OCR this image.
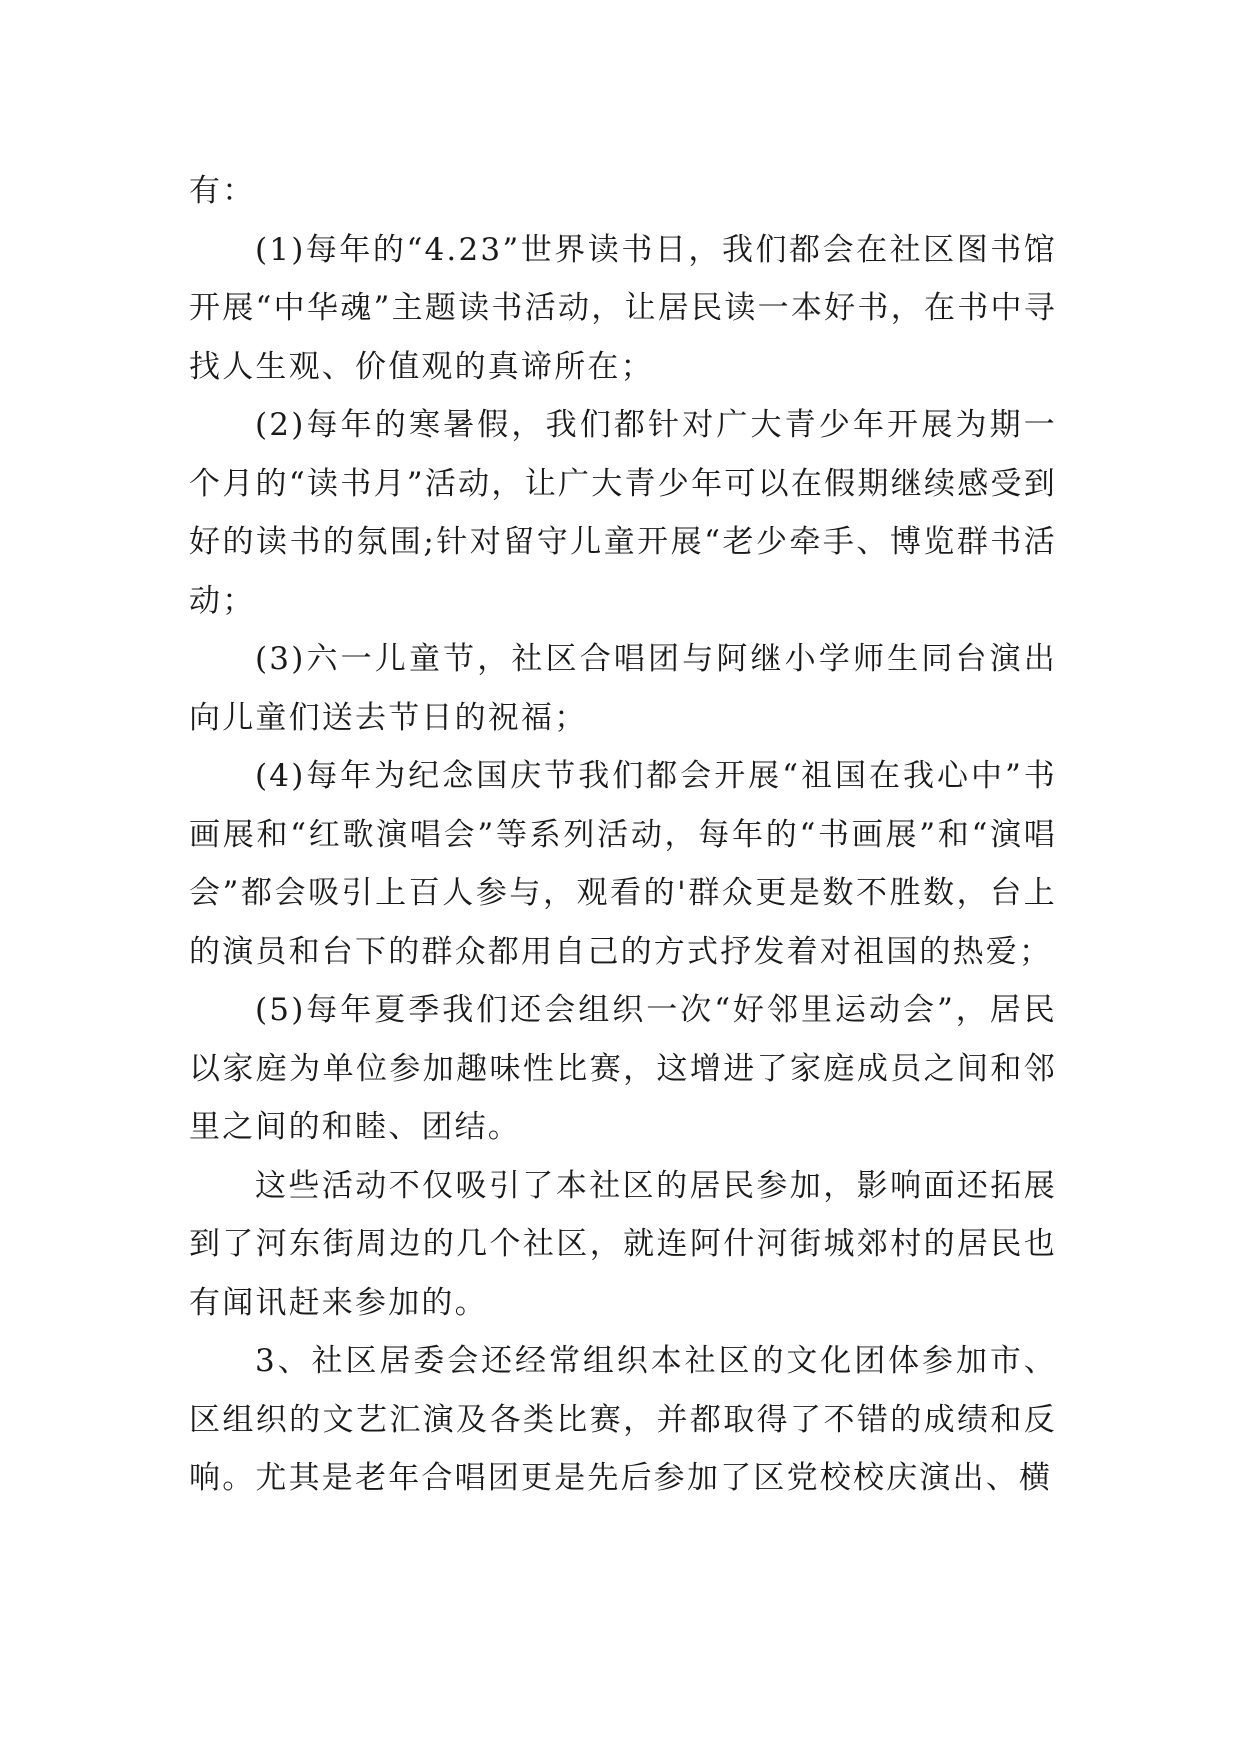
有：

(1)每年的“4.23”世界读书日，我们都会在社区图书馆开展“中华魂”主题读书活动，让居民读一本好书，在书中寻找人生观、价值观的真谛所在；

(2)每年的寒暑假，我们都针对广大青少年开展为期一个月的“读书月”活动，让广大青少年可以在假期继续感受到好的读书的氛围;针对留守儿童开展“老少牵手、博览群书活动；

(3)六一儿童节，社区合唱团与阿继小学师生同台演出向儿童们送去节日的祝福；

(4)每年为纪念国庆节我们都会开展“祖国在我心中”书画展和“红歌演唱会”等系列活动，每年的“书画展”和“演唱会”都会吸引上百人参与，观看的'群众更是数不胜数，台上的演员和台下的群众都用自己的方式抒发着对祖国的热爱；

(5)每年夏季我们还会组织一次“好邻里运动会”，居民以家庭为单位参加趣味性比赛，这增进了家庭成员之间和邻里之间的和睦、团结。

这些活动不仅吸引了本社区的居民参加，影响面还拓展到了河东街周边的几个社区，就连阿什河街城郊村的居民也有闻讯赶来参加的。

3、社区居委会还经常组织本社区的文化团体参加市、区组织的文艺汇演及各类比赛，并都取得了不错的成绩和反响。尤其是老年合唱团更是先后参加了区党校校庆演出、横
